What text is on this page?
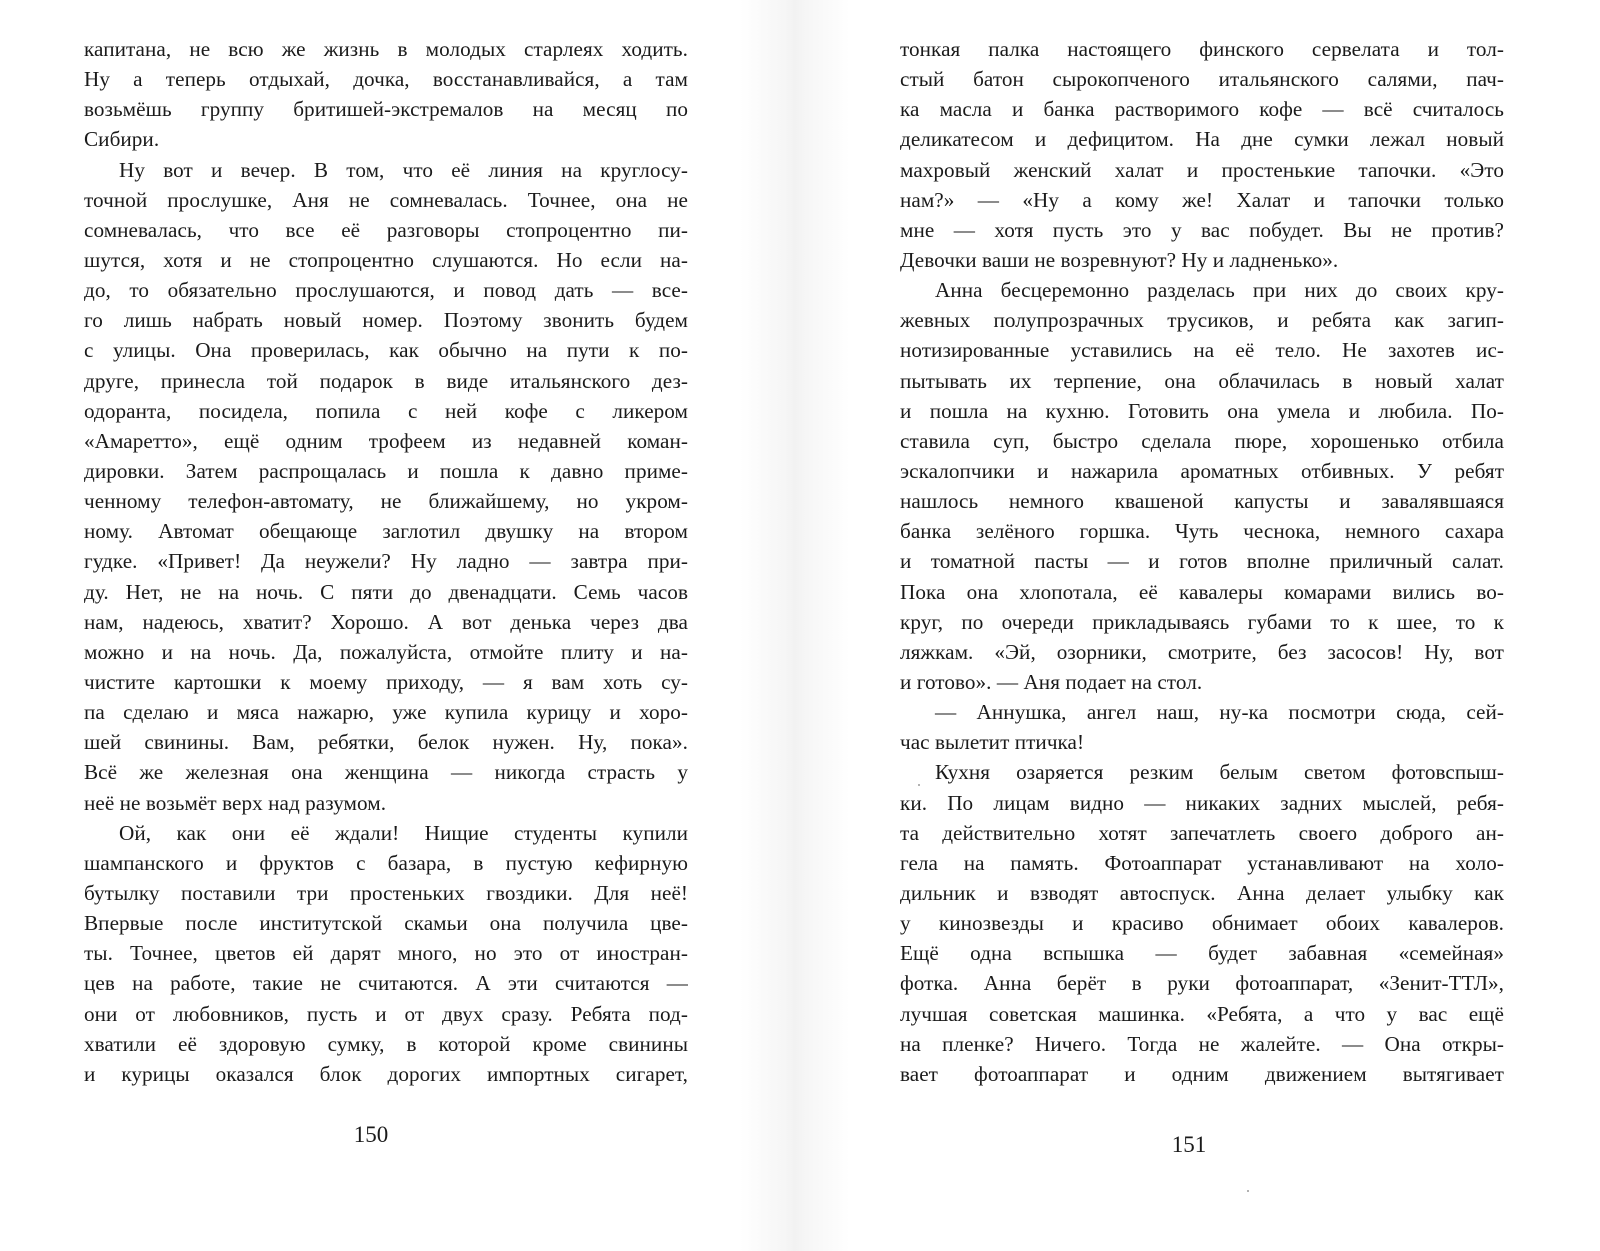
капитана, не всю же жизнь в молодых старлеях ходить.
Ну а теперь отдыхай, дочка, восстанавливайся, а там
возьмёшь группу бритишей-экстремалов на месяц по
Сибири.
Ну вот и вечер. В том, что её линия на круглосу-
точной прослушке, Аня не сомневалась. Точнее, она не
сомневалась, что все её разговоры стопроцентно пи-
шутся, хотя и не стопроцентно слушаются. Но если на-
до, то обязательно прослушаются, и повод дать — все-
го лишь набрать новый номер. Поэтому звонить будем
с улицы. Она проверилась, как обычно на пути к по-
друге, принесла той подарок в виде итальянского дез-
одоранта, посидела, попила с ней кофе с ликером
«Амаретто», ещё одним трофеем из недавней коман-
дировки. Затем распрощалась и пошла к давно приме-
ченному телефон-автомату, не ближайшему, но укром-
ному. Автомат обещающе заглотил двушку на втором
гудке. «Привет! Да неужели? Ну ладно — завтра при-
ду. Нет, не на ночь. С пяти до двенадцати. Семь часов
нам, надеюсь, хватит? Хорошо. А вот денька через два
можно и на ночь. Да, пожалуйста, отмойте плиту и на-
чистите картошки к моему приходу, — я вам хоть су-
па сделаю и мяса нажарю, уже купила курицу и хоро-
шей свинины. Вам, ребятки, белок нужен. Ну, пока».
Всё же железная она женщина — никогда страсть у
неё не возьмёт верх над разумом.
Ой, как они её ждали! Нищие студенты купили
шампанского и фруктов с базара, в пустую кефирную
бутылку поставили три простеньких гвоздики. Для неё!
Впервые после институтской скамьи она получила цве-
ты. Точнее, цветов ей дарят много, но это от иностран-
цев на работе, такие не считаются. А эти считаются —
они от любовников, пусть и от двух сразу. Ребята под-
хватили её здоровую сумку, в которой кроме свинины
и курицы оказался блок дорогих импортных сигарет,
150
тонкая палка настоящего финского сервелата и тол-
стый батон сырокопченого итальянского салями, пач-
ка масла и банка растворимого кофе — всё считалось
деликатесом и дефицитом. На дне сумки лежал новый
махровый женский халат и простенькие тапочки. «Это
нам?» — «Ну а кому же! Халат и тапочки только
мне — хотя пусть это у вас побудет. Вы не против?
Девочки ваши не возревнуют? Ну и ладненько».
Анна бесцеремонно разделась при них до своих кру-
жевных полупрозрачных трусиков, и ребята как загип-
нотизированные уставились на её тело. Не захотев ис-
пытывать их терпение, она облачилась в новый халат
и пошла на кухню. Готовить она умела и любила. По-
ставила суп, быстро сделала пюре, хорошенько отбила
эскалопчики и нажарила ароматных отбивных. У ребят
нашлось немного квашеной капусты и завалявшаяся
банка зелёного горшка. Чуть чеснока, немного сахара
и томатной пасты — и готов вполне приличный салат.
Пока она хлопотала, её кавалеры комарами вились во-
круг, по очереди прикладываясь губами то к шее, то к
ляжкам. «Эй, озорники, смотрите, без засосов! Ну, вот
и готово». — Аня подает на стол.
— Аннушка, ангел наш, ну-ка посмотри сюда, сей-
час вылетит птичка!
Кухня озаряется резким белым светом фотовспыш-
ки. По лицам видно — никаких задних мыслей, ребя-
та действительно хотят запечатлеть своего доброго ан-
гела на память. Фотоаппарат устанавливают на холо-
дильник и взводят автоспуск. Анна делает улыбку как
у кинозвезды и красиво обнимает обоих кавалеров.
Ещё одна вспышка — будет забавная «семейная»
фотка. Анна берёт в руки фотоаппарат, «Зенит-ТТЛ»,
лучшая советская машинка. «Ребята, а что у вас ещё
на пленке? Ничего. Тогда не жалейте. — Она откры-
вает фотоаппарат и одним движением вытягивает
151
